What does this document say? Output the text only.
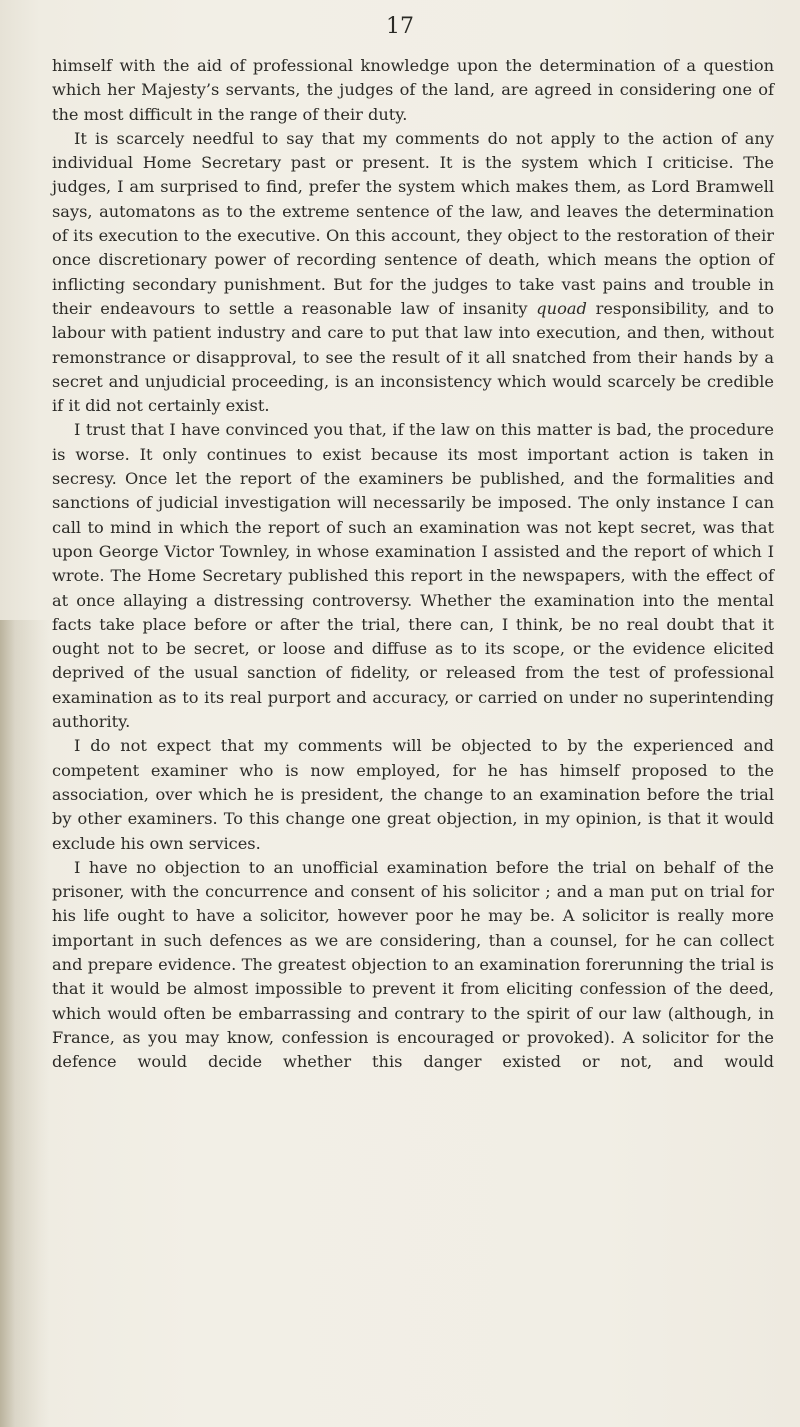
17

himself with the aid of professional knowledge upon the determination of a question which her Majesty’s servants, the judges of the land, are agreed in considering one of the most difficult in the range of their duty.

It is scarcely needful to say that my comments do not apply to the action of any individual Home Secretary past or present. It is the system which I criticise. The judges, I am surprised to find, prefer the system which makes them, as Lord Bramwell says, automatons as to the extreme sentence of the law, and leaves the determination of its execution to the executive. On this account, they object to the restoration of their once discretionary power of recording sentence of death, which means the option of inflicting secondary punishment. But for the judges to take vast pains and trouble in their endeavours to settle a reasonable law of insanity quoad responsibility, and to labour with patient industry and care to put that law into execution, and then, without remonstrance or disapproval, to see the result of it all snatched from their hands by a secret and unjudicial proceeding, is an inconsistency which would scarcely be credible if it did not certainly exist.

I trust that I have convinced you that, if the law on this matter is bad, the procedure is worse. It only continues to exist because its most important action is taken in secresy. Once let the report of the examiners be published, and the formalities and sanctions of judicial investigation will necessarily be imposed. The only instance I can call to mind in which the report of such an examination was not kept secret, was that upon George Victor Townley, in whose examination I assisted and the report of which I wrote. The Home Secretary published this report in the newspapers, with the effect of at once allaying a distressing controversy. Whether the examination into the mental facts take place before or after the trial, there can, I think, be no real doubt that it ought not to be secret, or loose and diffuse as to its scope, or the evidence elicited deprived of the usual sanction of fidelity, or released from the test of professional examination as to its real purport and accuracy, or carried on under no superintending authority.

I do not expect that my comments will be objected to by the experienced and competent examiner who is now employed, for he has himself proposed to the association, over which he is president, the change to an examination before the trial by other examiners. To this change one great objection, in my opinion, is that it would exclude his own services.

I have no objection to an unofficial examination before the trial on behalf of the prisoner, with the concurrence and consent of his solicitor ; and a man put on trial for his life ought to have a solicitor, however poor he may be. A solicitor is really more important in such defences as we are considering, than a counsel, for he can collect and prepare evidence. The greatest objection to an examination forerunning the trial is that it would be almost impossible to prevent it from eliciting confession of the deed, which would often be embarrassing and contrary to the spirit of our law (although, in France, as you may know, confession is encouraged or provoked). A solicitor for the defence would decide whether this danger existed or not, and would
